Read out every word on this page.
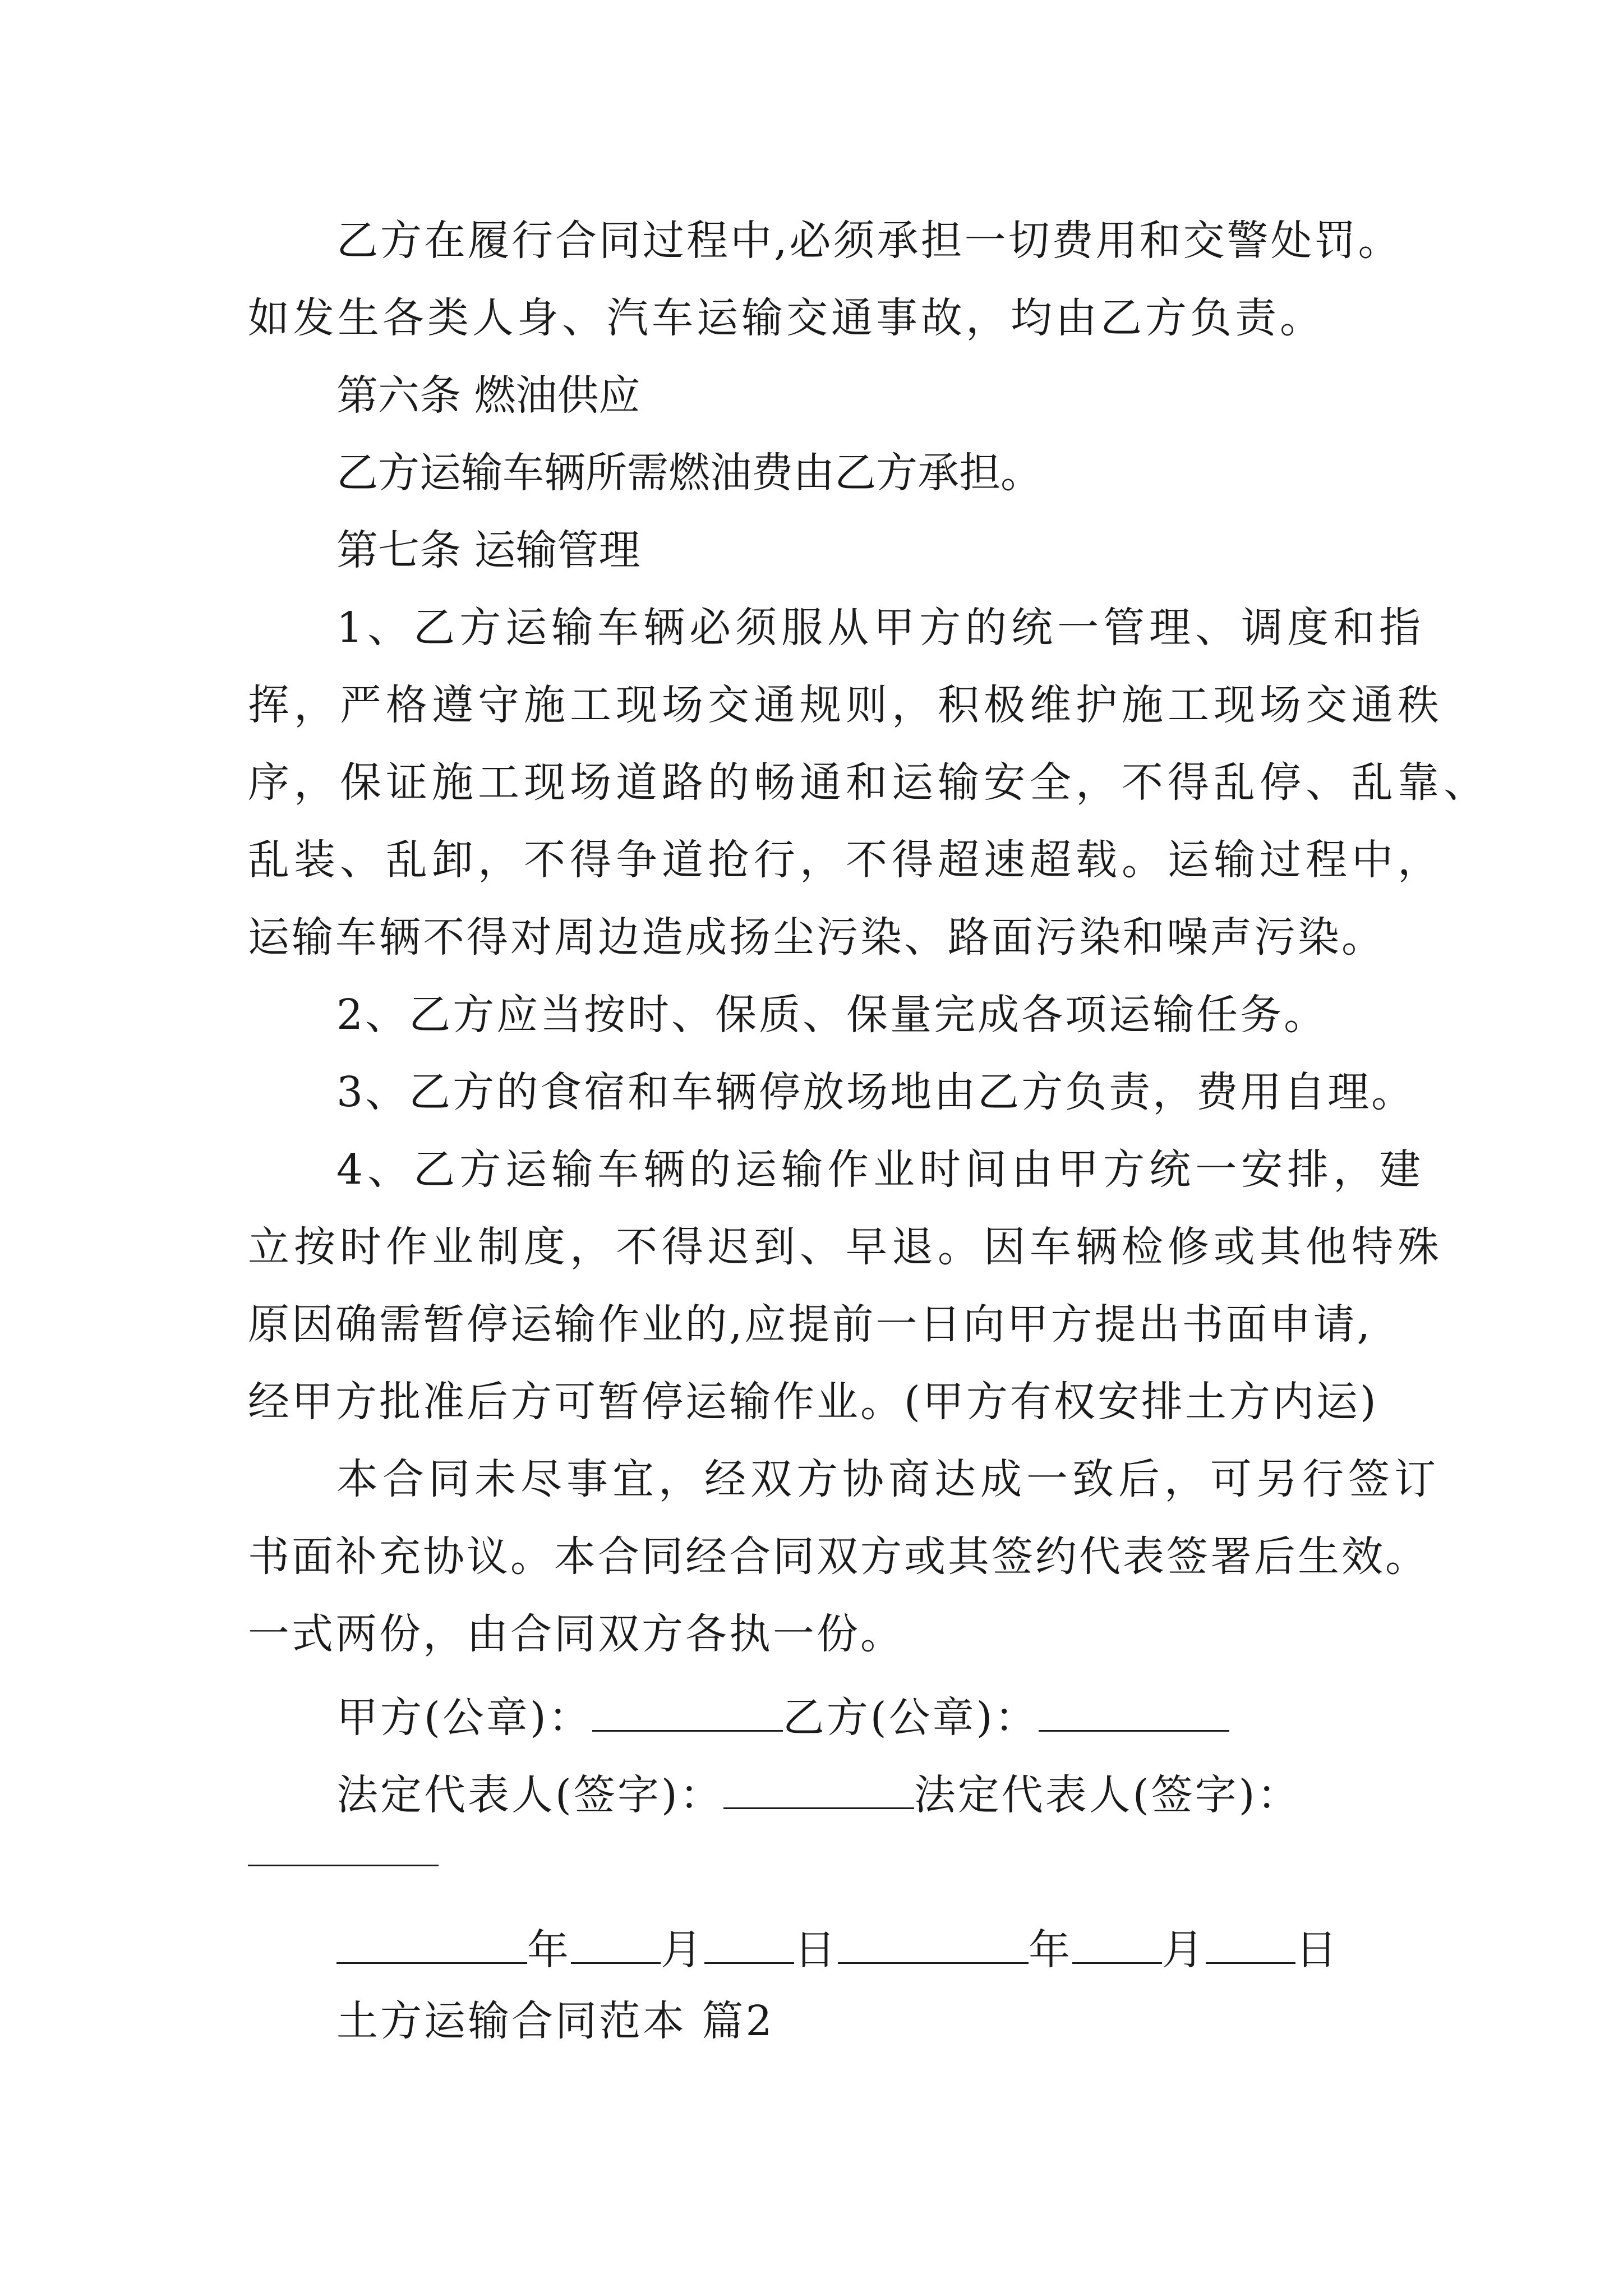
乙方在履行合同过程中,必须承担一切费用和交警处罚。
如发生各类人身、汽车运输交通事故，均由乙方负责。
第六条 燃油供应
乙方运输车辆所需燃油费由乙方承担。
第七条 运输管理
1、乙方运输车辆必须服从甲方的统一管理、调度和指
挥，严格遵守施工现场交通规则，积极维护施工现场交通秩
序，保证施工现场道路的畅通和运输安全，不得乱停、乱靠、
乱装、乱卸，不得争道抢行，不得超速超载。运输过程中，
运输车辆不得对周边造成扬尘污染、路面污染和噪声污染。
2、乙方应当按时、保质、保量完成各项运输任务。
3、乙方的食宿和车辆停放场地由乙方负责，费用自理。
4、乙方运输车辆的运输作业时间由甲方统一安排，建
立按时作业制度，不得迟到、早退。因车辆检修或其他特殊
原因确需暂停运输作业的,应提前一日向甲方提出书面申请,
经甲方批准后方可暂停运输作业。(甲方有权安排土方内运)
本合同未尽事宜，经双方协商达成一致后，可另行签订
书面补充协议。本合同经合同双方或其签约代表签署后生效。
一式两份，由合同双方各执一份。
甲方(公章)：	乙方(公章)：
法定代表人(签字)：	法定代表人(签字)：
年 月 日	年 月 日
土方运输合同范本 篇2
